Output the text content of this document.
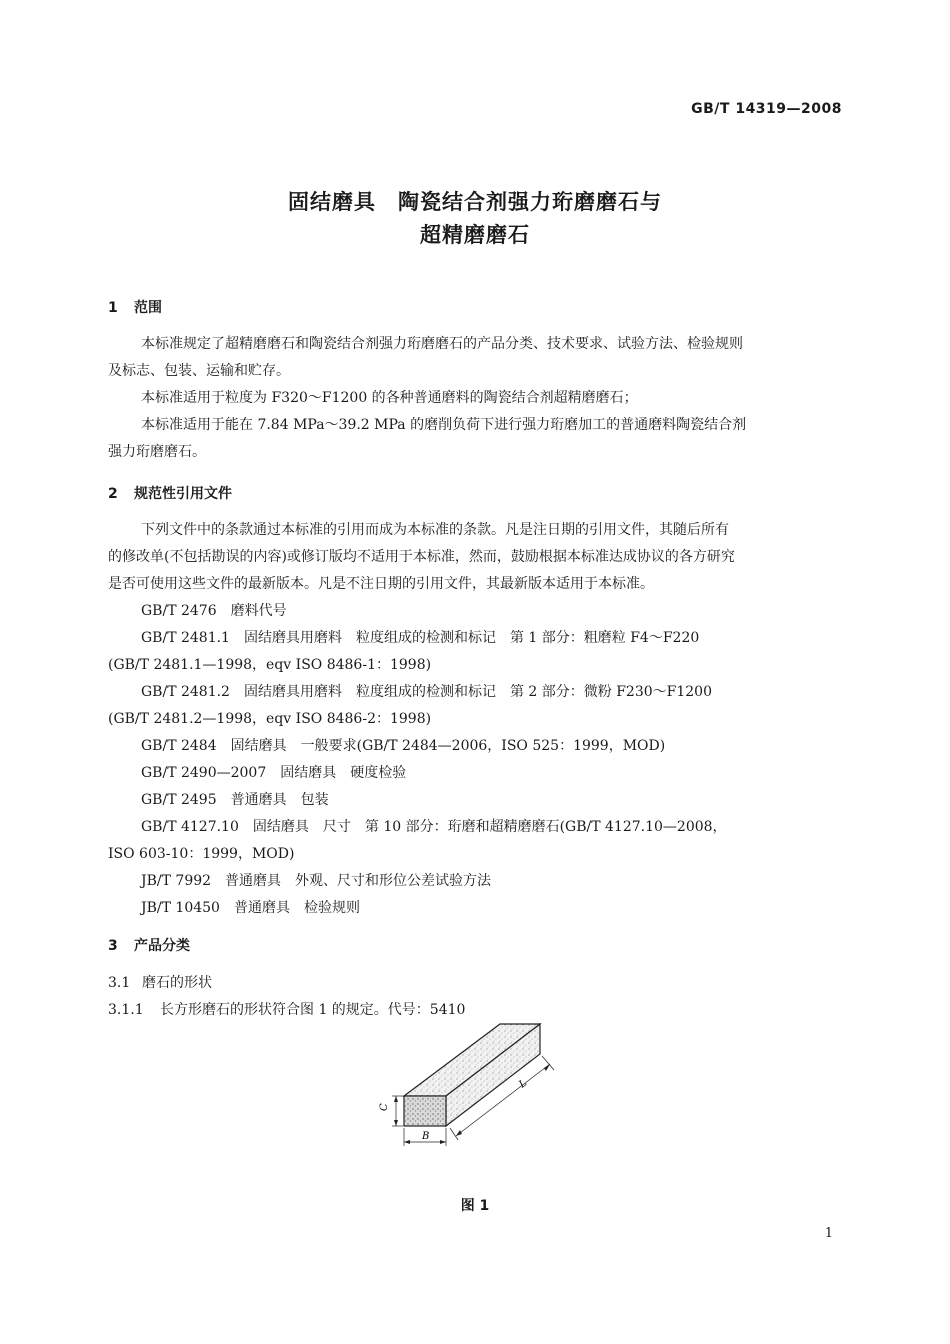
GB/T 14319—2008
固结磨具　陶瓷结合剂强力珩磨磨石与
超精磨磨石
1 范围
本标准规定了超精磨磨石和陶瓷结合剂强力珩磨磨石的产品分类、技术要求、试验方法、检验规则
及标志、包装、运输和贮存。
本标准适用于粒度为 F320～F1200 的各种普通磨料的陶瓷结合剂超精磨磨石；
本标准适用于能在 7.84 MPa～39.2 MPa 的磨削负荷下进行强力珩磨加工的普通磨料陶瓷结合剂
强力珩磨磨石。
2 规范性引用文件
下列文件中的条款通过本标准的引用而成为本标准的条款。凡是注日期的引用文件，其随后所有
的修改单(不包括勘误的内容)或修订版均不适用于本标准，然而，鼓励根据本标准达成协议的各方研究
是否可使用这些文件的最新版本。凡是不注日期的引用文件，其最新版本适用于本标准。
GB/T 2476　磨料代号
GB/T 2481.1　固结磨具用磨料　粒度组成的检测和标记　第 1 部分：粗磨粒 F4～F220
(GB/T 2481.1—1998，eqv ISO 8486-1：1998)
GB/T 2481.2　固结磨具用磨料　粒度组成的检测和标记　第 2 部分：微粉 F230～F1200
(GB/T 2481.2—1998，eqv ISO 8486-2：1998)
GB/T 2484　固结磨具　一般要求(GB/T 2484—2006，ISO 525：1999，MOD)
GB/T 2490—2007　固结磨具　硬度检验
GB/T 2495　普通磨具　包装
GB/T 4127.10　固结磨具　尺寸　第 10 部分：珩磨和超精磨磨石(GB/T 4127.10—2008，
ISO 603-10：1999，MOD)
JB/T 7992　普通磨具　外观、尺寸和形位公差试验方法
JB/T 10450　普通磨具　检验规则
3 产品分类
3.1 磨石的形状
3.1.1 长方形磨石的形状符合图 1 的规定。代号：5410
C
B
L
图 1
1
